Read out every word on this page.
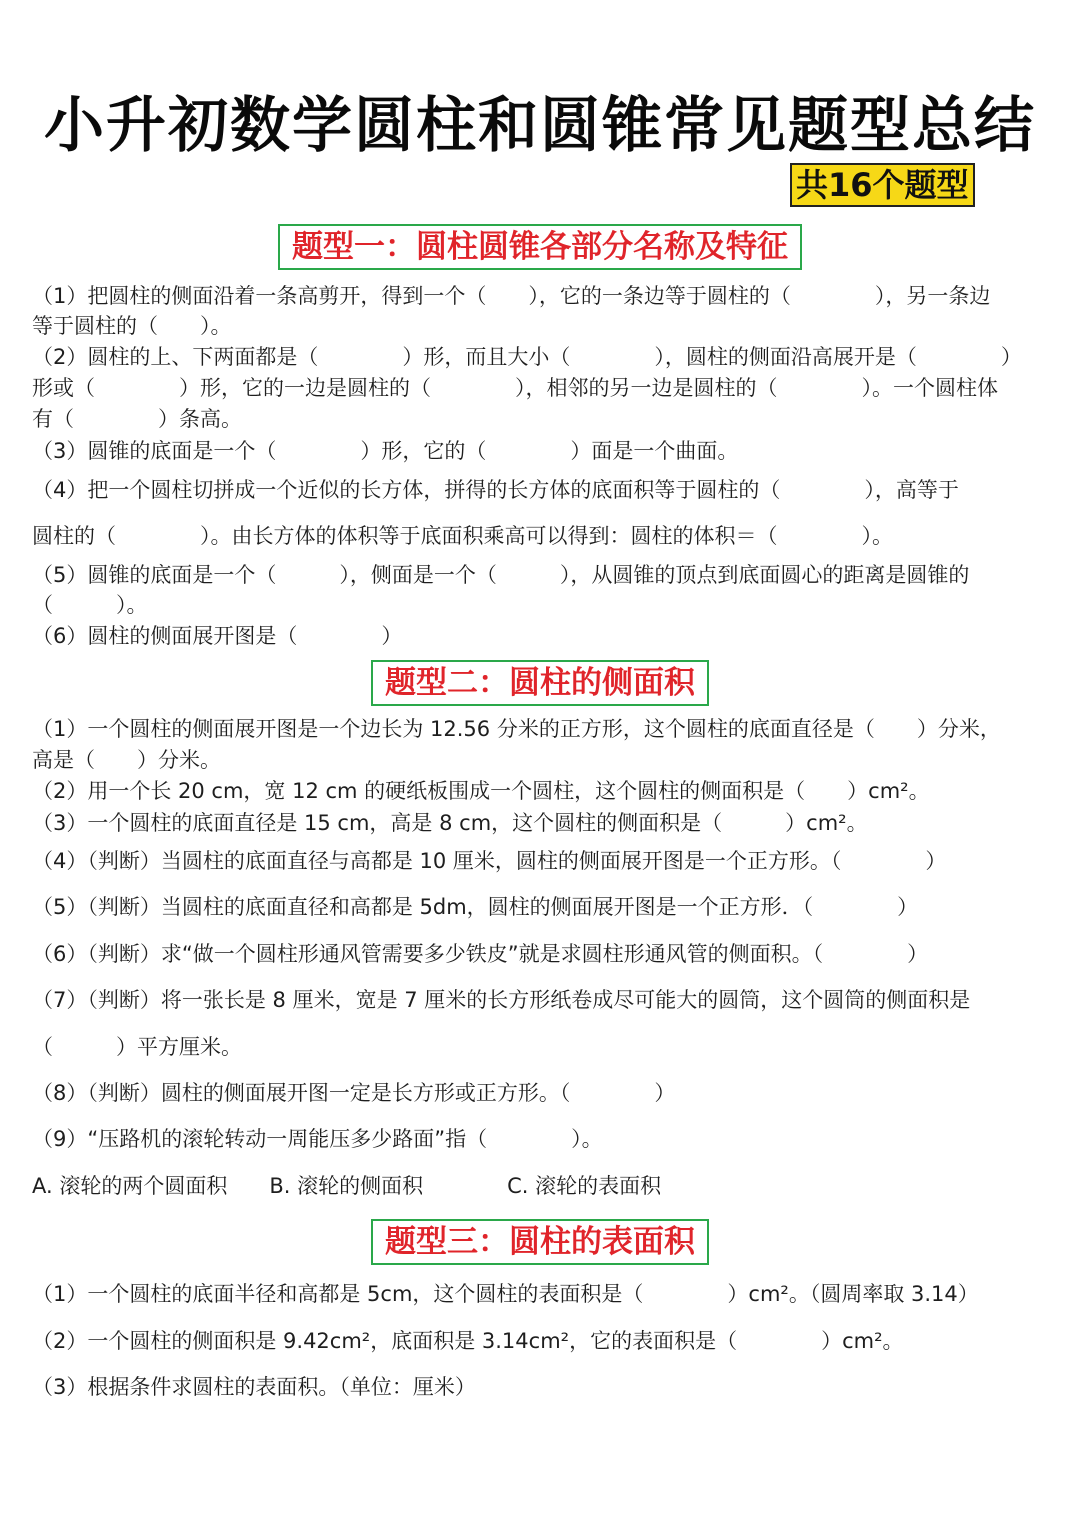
小升初数学圆柱和圆锥常见题型总结
共16个题型
题型一：圆柱圆锥各部分名称及特征
（1）把圆柱的侧面沿着一条高剪开，得到一个（　　），它的一条边等于圆柱的（　　　　），另一条边
等于圆柱的（　　）。
（2）圆柱的上、下两面都是（　　　　）形，而且大小（　　　　），圆柱的侧面沿高展开是（　　　　）
形或（　　　　）形，它的一边是圆柱的（　　　　），相邻的另一边是圆柱的（　　　　）。一个圆柱体
有（　　　　）条高。
（3）圆锥的底面是一个（　　　　）形，它的（　　　　）面是一个曲面。
（4）把一个圆柱切拼成一个近似的长方体，拼得的长方体的底面积等于圆柱的（　　　　），高等于
圆柱的（　　　　）。由长方体的体积等于底面积乘高可以得到：圆柱的体积＝（　　　　）。
（5）圆锥的底面是一个（　　　），侧面是一个（　　　），从圆锥的顶点到底面圆心的距离是圆锥的
（　　　）。
（6）圆柱的侧面展开图是（　　　　）
题型二：圆柱的侧面积
（1）一个圆柱的侧面展开图是一个边长为 12.56 分米的正方形，这个圆柱的底面直径是（　　）分米，
高是（　　）分米。
（2）用一个长 20 cm，宽 12 cm 的硬纸板围成一个圆柱，这个圆柱的侧面积是（　　）cm²。
（3）一个圆柱的底面直径是 15 cm，高是 8 cm，这个圆柱的侧面积是（　　　）cm²。
（4）（判断）当圆柱的底面直径与高都是 10 厘米，圆柱的侧面展开图是一个正方形。（　　　　）
（5）（判断）当圆柱的底面直径和高都是 5dm，圆柱的侧面展开图是一个正方形．（　　　　）
（6）（判断）求“做一个圆柱形通风管需要多少铁皮”就是求圆柱形通风管的侧面积。（　　　　）
（7）（判断）将一张长是 8 厘米，宽是 7 厘米的长方形纸卷成尽可能大的圆筒，这个圆筒的侧面积是
（　　　）平方厘米。
（8）（判断）圆柱的侧面展开图一定是长方形或正方形。（　　　　）
（9）“压路机的滚轮转动一周能压多少路面”指（　　　　）。
A. 滚轮的两个圆面积　　B. 滚轮的侧面积　　　　C. 滚轮的表面积
题型三：圆柱的表面积
（1）一个圆柱的底面半径和高都是 5cm，这个圆柱的表面积是（　　　　）cm²。（圆周率取 3.14）
（2）一个圆柱的侧面积是 9.42cm²，底面积是 3.14cm²，它的表面积是（　　　　）cm²。
（3）根据条件求圆柱的表面积。（单位：厘米）
